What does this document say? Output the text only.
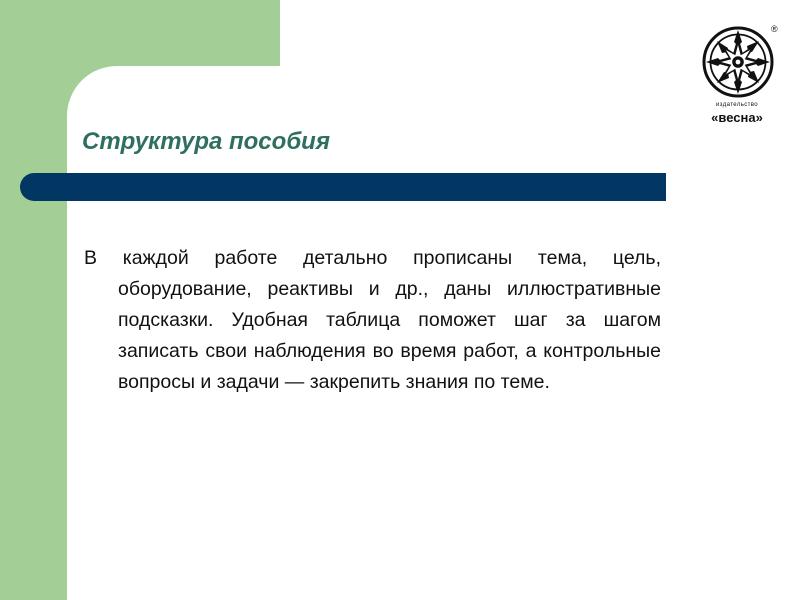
®
издательство
«весна»
Структура пособия

В каждой работе детально прописаны тема, цель, оборудование, реактивы и др., даны иллюстративные подсказки. Удобная таблица поможет шаг за шагом записать свои наблюдения во время работ, а контрольные вопросы и задачи — закрепить знания по теме.
